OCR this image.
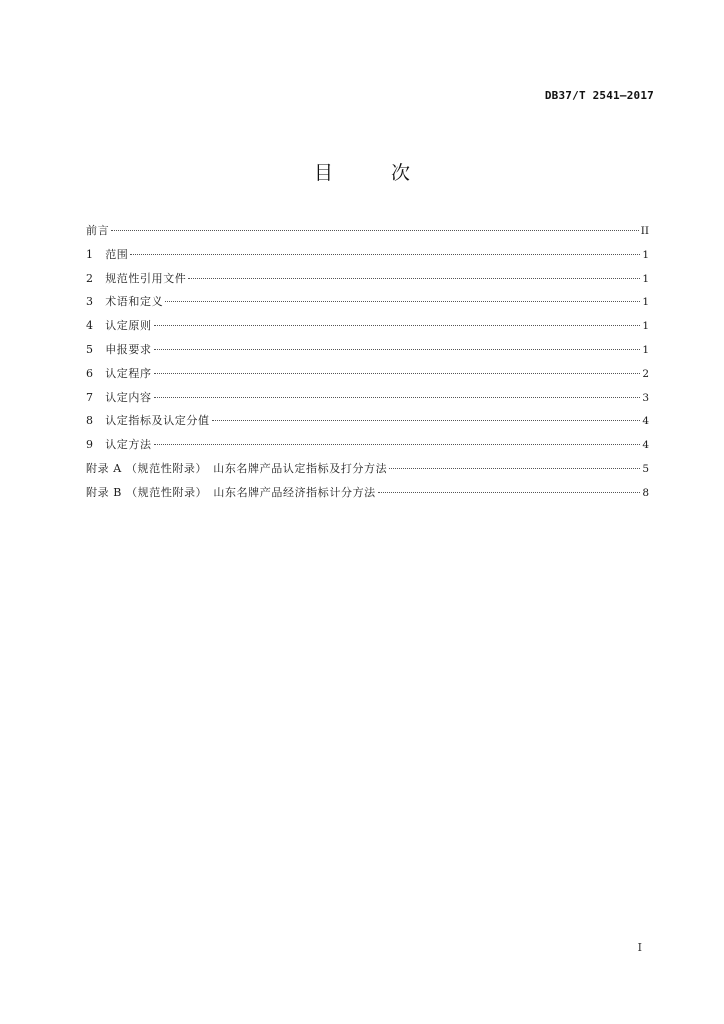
DB37/T 2541—2017
目 次
前言	II
1　范围	1
2　规范性引用文件	1
3　术语和定义	1
4　认定原则	1
5　申报要求	1
6　认定程序	2
7　认定内容	3
8　认定指标及认定分值	4
9　认定方法	4
附录 A （规范性附录）　山东名牌产品认定指标及打分方法	5
附录 B （规范性附录）　山东名牌产品经济指标计分方法	8
I
